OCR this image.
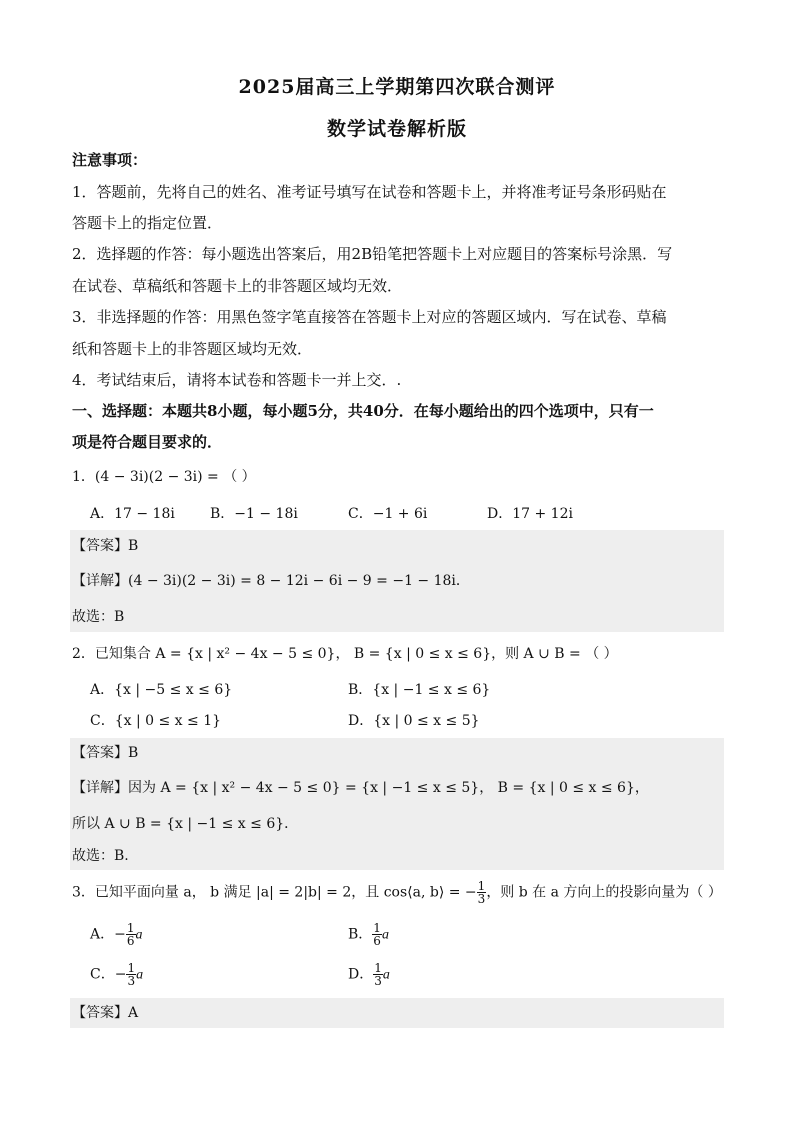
2025届高三上学期第四次联合测评
数学试卷解析版
注意事项：
1．答题前，先将自己的姓名、准考证号填写在试卷和答题卡上，并将准考证号条形码贴在
答题卡上的指定位置．
2．选择题的作答：每小题选出答案后，用2B铅笔把答题卡上对应题目的答案标号涂黑．写
在试卷、草稿纸和答题卡上的非答题区域均无效．
3．非选择题的作答：用黑色签字笔直接答在答题卡上对应的答题区域内．写在试卷、草稿
纸和答题卡上的非答题区域均无效．
4．考试结束后，请将本试卷和答题卡一并上交．.
一、选择题：本题共8小题，每小题5分，共40分．在每小题给出的四个选项中，只有一
项是符合题目要求的．
1．(4 − 3i)(2 − 3i) = （ ）
A．17 − 18i	B．−1 − 18i	C．−1 + 6i	D．17 + 12i
【答案】B
【详解】(4 − 3i)(2 − 3i) = 8 − 12i − 6i − 9 = −1 − 18i．
故选：B
2．已知集合 A = {x | x² − 4x − 5 ≤ 0}， B = {x | 0 ≤ x ≤ 6}，则 A ∪ B = （ ）
A．{x | −5 ≤ x ≤ 6}	B．{x | −1 ≤ x ≤ 6}
C．{x | 0 ≤ x ≤ 1}	D．{x | 0 ≤ x ≤ 5}
【答案】B
【详解】因为 A = {x | x² − 4x − 5 ≤ 0} = {x | −1 ≤ x ≤ 5}， B = {x | 0 ≤ x ≤ 6}，
所以 A ∪ B = {x | −1 ≤ x ≤ 6}．
故选：B.
3．已知平面向量 a， b 满足 |a| = 2|b| = 2，且 cos⟨a, b⟩ = − $\frac{1}{3}$ ，则 b 在 a 方向上的投影向量为（ ）
A．− $\frac{1}{6}$ a	B． $\frac{1}{6}$ a
C．− $\frac{1}{3}$ a	D． $\frac{1}{3}$ a
【答案】A
